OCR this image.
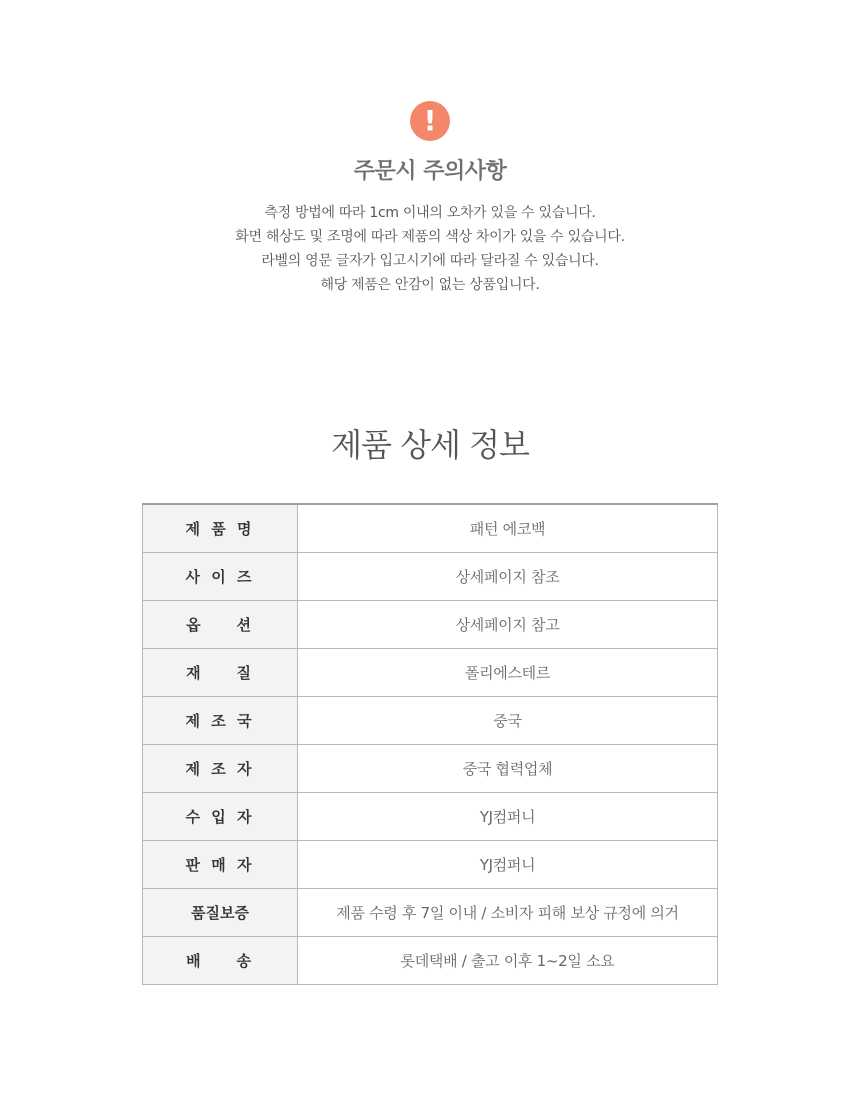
!
주문시 주의사항
측정 방법에 따라 1cm 이내의 오차가 있을 수 있습니다.
화면 해상도 및 조명에 따라 제품의 색상 차이가 있을 수 있습니다.
라벨의 영문 글자가 입고시기에 따라 달라질 수 있습니다.
해당 제품은 안감이 없는 상품입니다.
제품 상세 정보
제 품 명	패턴 에코백
사 이 즈	상세페이지 참조
옵    션	상세페이지 참고
재    질	폴리에스테르
제 조 국	중국
제 조 자	중국 협력업체
수 입 자	YJ컴퍼니
판 매 자	YJ컴퍼니
품질보증	제품 수령 후 7일 이내 / 소비자 피해 보상 규정에 의거
배    송	롯데택배 / 출고 이후 1~2일 소요
